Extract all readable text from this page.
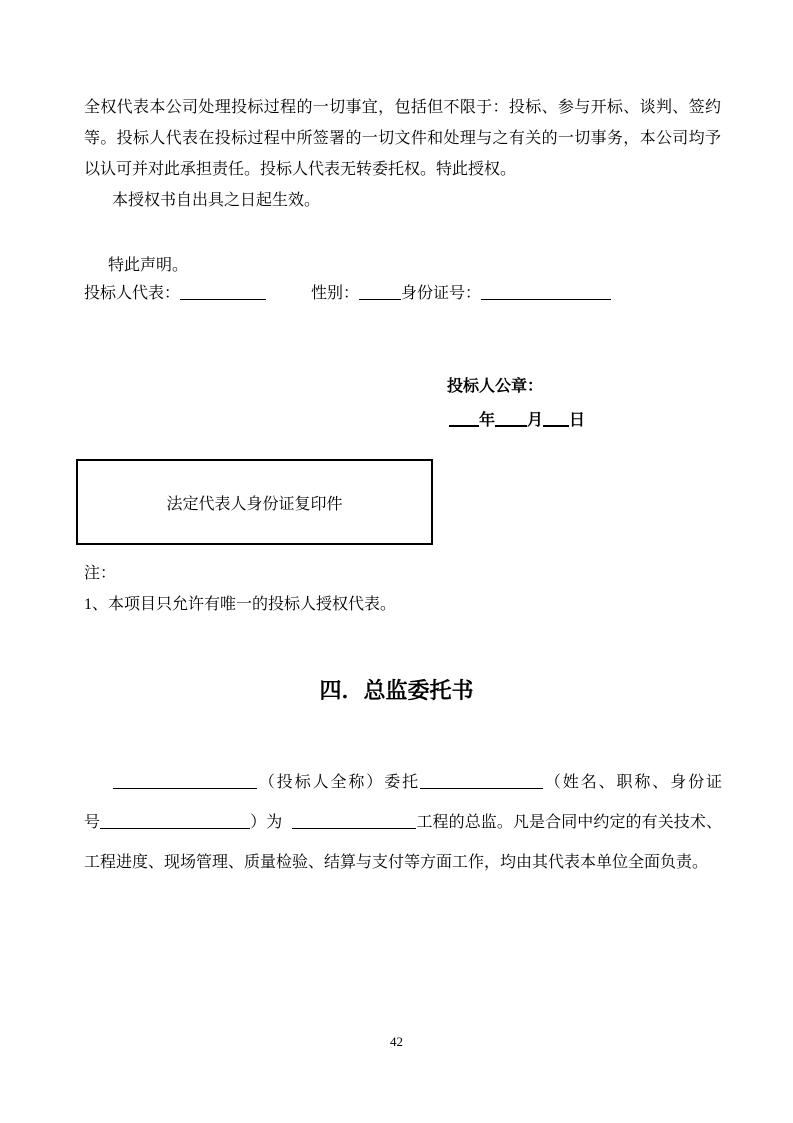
全权代表本公司处理投标过程的一切事宜，包括但不限于：投标、参与开标、谈判、签约
等。投标人代表在投标过程中所签署的一切文件和处理与之有关的一切事务，本公司均予
以认可并对此承担责任。投标人代表无转委托权。特此授权。
本授权书自出具之日起生效。
特此声明。
投标人代表：	性别：	身份证号：
投标人公章：
年 月 日
法定代表人身份证复印件
注：
1、本项目只允许有唯一的投标人授权代表。
四．总监委托书
（投标人全称）委托	（姓名、职称、身份证
号	）为	工程的总监。凡是合同中约定的有关技术、
工程进度、现场管理、质量检验、结算与支付等方面工作，均由其代表本单位全面负责。
42
